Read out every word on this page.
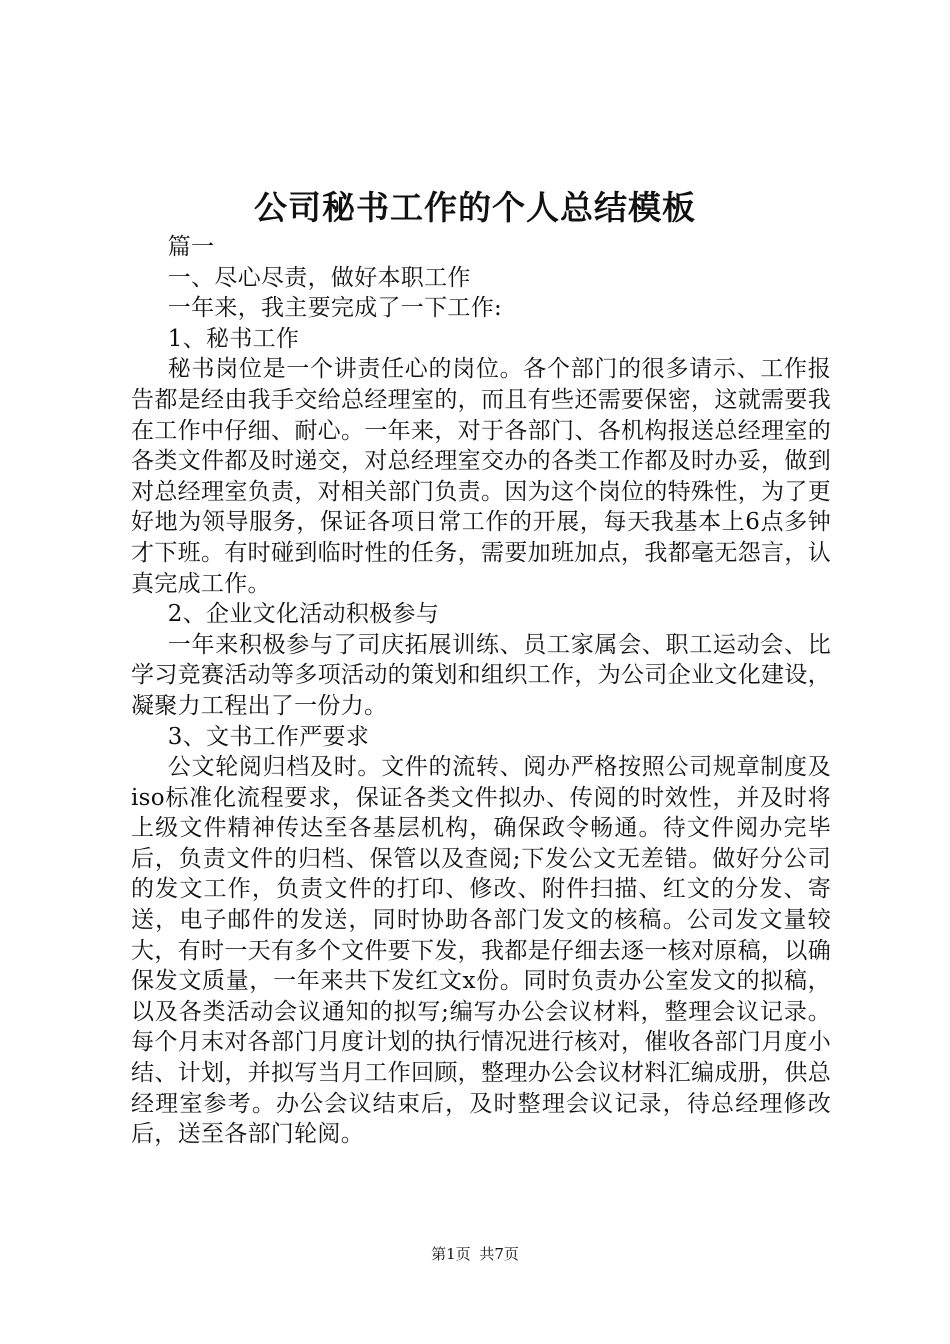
公司秘书工作的个人总结模板

篇一

一、尽心尽责，做好本职工作

一年来，我主要完成了一下工作:

1、秘书工作

秘书岗位是一个讲责任心的岗位。各个部门的很多请示、工作报告都是经由我手交给总经理室的，而且有些还需要保密，这就需要我在工作中仔细、耐心。一年来，对于各部门、各机构报送总经理室的各类文件都及时递交，对总经理室交办的各类工作都及时办妥，做到对总经理室负责，对相关部门负责。因为这个岗位的特殊性，为了更好地为领导服务，保证各项日常工作的开展，每天我基本上6点多钟才下班。有时碰到临时性的任务，需要加班加点，我都毫无怨言，认真完成工作。

2、企业文化活动积极参与

一年来积极参与了司庆拓展训练、员工家属会、职工运动会、比学习竞赛活动等多项活动的策划和组织工作，为公司企业文化建设，凝聚力工程出了一份力。

3、文书工作严要求

公文轮阅归档及时。文件的流转、阅办严格按照公司规章制度及iso标准化流程要求，保证各类文件拟办、传阅的时效性，并及时将上级文件精神传达至各基层机构，确保政令畅通。待文件阅办完毕后，负责文件的归档、保管以及查阅;下发公文无差错。做好分公司的发文工作，负责文件的打印、修改、附件扫描、红文的分发、寄送，电子邮件的发送，同时协助各部门发文的核稿。公司发文量较大，有时一天有多个文件要下发，我都是仔细去逐一核对原稿，以确保发文质量，一年来共下发红文x份。同时负责办公室发文的拟稿，以及各类活动会议通知的拟写;编写办公会议材料，整理会议记录。每个月末对各部门月度计划的执行情况进行核对，催收各部门月度小结、计划，并拟写当月工作回顾，整理办公会议材料汇编成册，供总经理室参考。办公会议结束后，及时整理会议记录，待总经理修改后，送至各部门轮阅。

第1页 共7页
